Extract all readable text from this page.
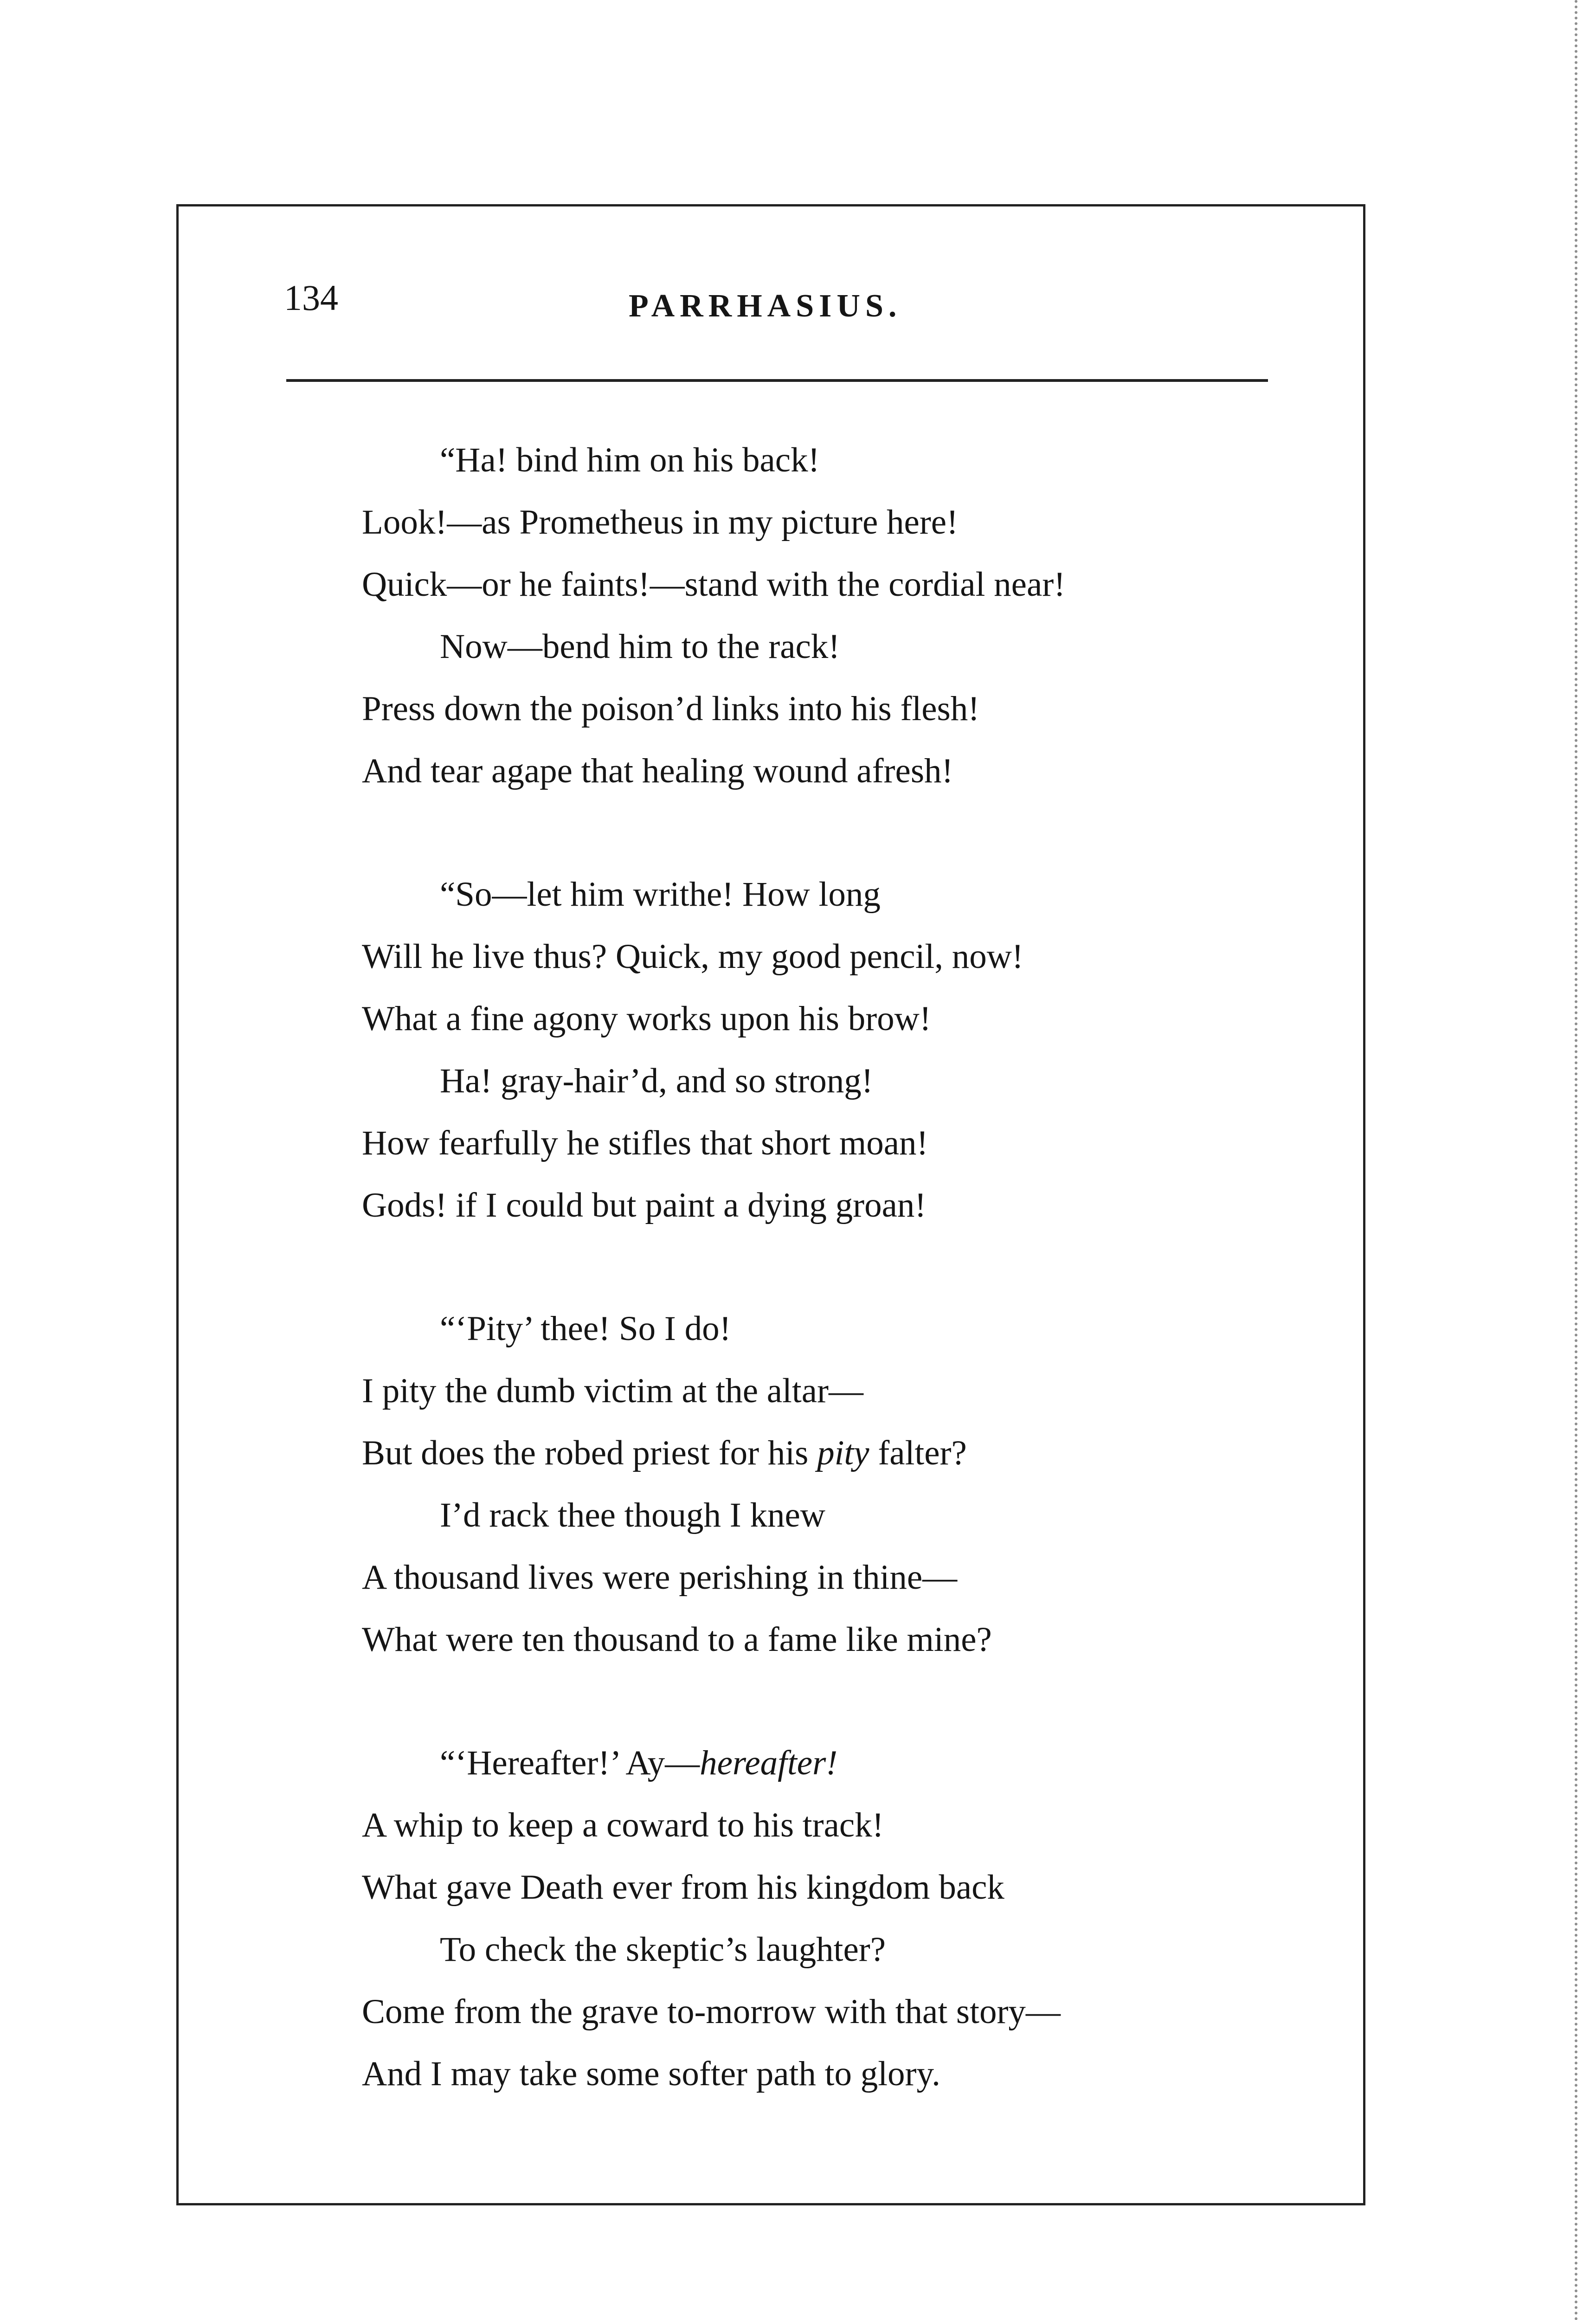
134	PARRHASIUS.
“Ha! bind him on his back!
Look!—as Prometheus in my picture here!
Quick—or he faints!—stand with the cordial near!
Now—bend him to the rack!
Press down the poison’d links into his flesh!
And tear agape that healing wound afresh!
“So—let him writhe! How long
Will he live thus? Quick, my good pencil, now!
What a fine agony works upon his brow!
Ha! gray-hair’d, and so strong!
How fearfully he stifles that short moan!
Gods! if I could but paint a dying groan!
“‘Pity’ thee! So I do!
I pity the dumb victim at the altar—
But does the robed priest for his pity falter?
I’d rack thee though I knew
A thousand lives were perishing in thine—
What were ten thousand to a fame like mine?
“‘Hereafter!’ Ay—hereafter!
A whip to keep a coward to his track!
What gave Death ever from his kingdom back
To check the skeptic’s laughter?
Come from the grave to-morrow with that story—
And I may take some softer path to glory.
